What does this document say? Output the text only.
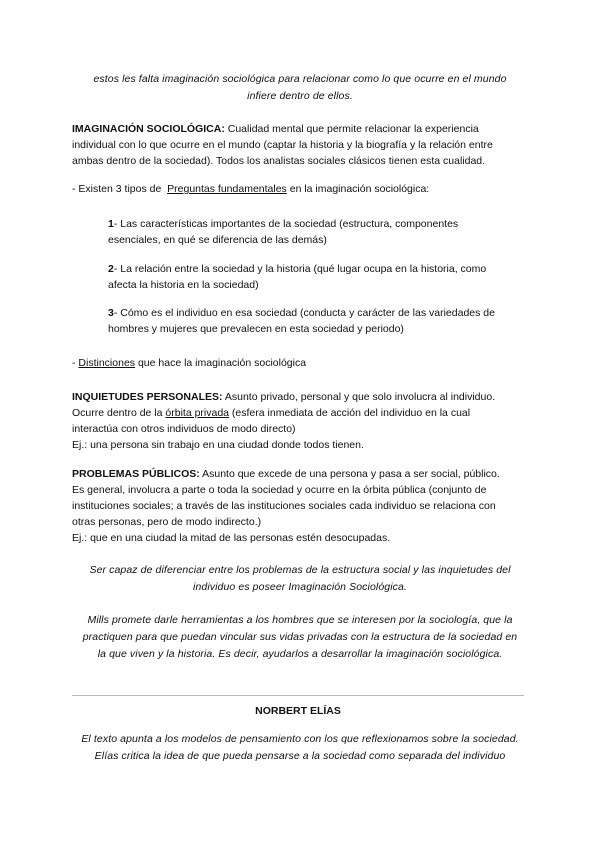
estos les falta imaginación sociológica para relacionar como lo que ocurre en el mundo
infiere dentro de ellos.
IMAGINACIÓN SOCIOLÓGICA: Cualidad mental que permite relacionar la experiencia
individual con lo que ocurre en el mundo (captar la historia y la biografía y la relación entre
ambas dentro de la sociedad). Todos los analistas sociales clásicos tienen esta cualidad.
- Existen 3 tipos de  Preguntas fundamentales en la imaginación sociológica:
1- Las características importantes de la sociedad (estructura, componentes
esenciales, en qué se diferencia de las demás)
2- La relación entre la sociedad y la historia (qué lugar ocupa en la historia, como
afecta la historia en la sociedad)
3- Cómo es el individuo en esa sociedad (conducta y carácter de las variedades de
hombres y mujeres que prevalecen en esta sociedad y periodo)
- Distinciones que hace la imaginación sociológica
INQUIETUDES PERSONALES: Asunto privado, personal y que solo involucra al individuo.
Ocurre dentro de la órbita privada (esfera inmediata de acción del individuo en la cual
interactúa con otros individuos de modo directo)
Ej.: una persona sin trabajo en una ciudad donde todos tienen.
PROBLEMAS PÚBLICOS: Asunto que excede de una persona y pasa a ser social, público.
Es general, involucra a parte o toda la sociedad y ocurre en la órbita pública (conjunto de
instituciones sociales; a través de las instituciones sociales cada individuo se relaciona con
otras personas, pero de modo indirecto.)
Ej.: que en una ciudad la mitad de las personas estén desocupadas.
Ser capaz de diferenciar entre los problemas de la estructura social y las inquietudes del
individuo es poseer Imaginación Sociológica.
Mills promete darle herramientas a los hombres que se interesen por la sociología, que la
practiquen para que puedan vincular sus vidas privadas con la estructura de la sociedad en
la que viven y la historia. Es decir, ayudarlos a desarrollar la imaginación sociológica.
NORBERT ELÍAS
El texto apunta a los modelos de pensamiento con los que reflexionamos sobre la sociedad.
Elías critica la idea de que pueda pensarse a la sociedad como separada del individuo
